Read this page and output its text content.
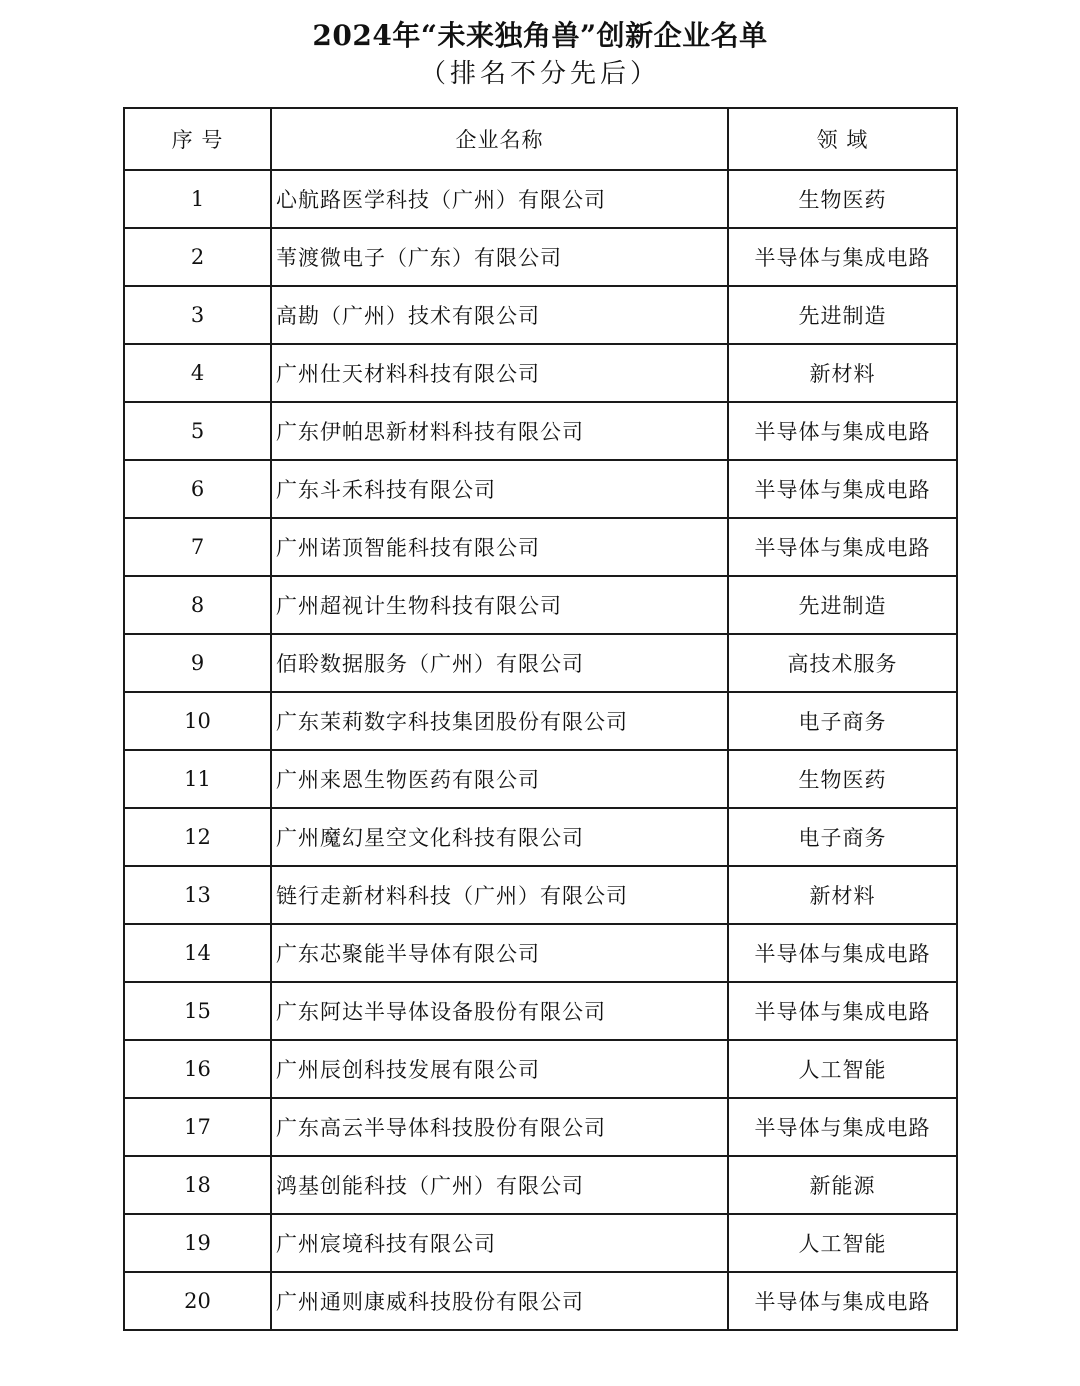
2024年“未来独角兽”创新企业名单
（排名不分先后）
序 号	企业名称	领 域
1	心航路医学科技（广州）有限公司	生物医药
2	苇渡微电子（广东）有限公司	半导体与集成电路
3	高勘（广州）技术有限公司	先进制造
4	广州仕天材料科技有限公司	新材料
5	广东伊帕思新材料科技有限公司	半导体与集成电路
6	广东斗禾科技有限公司	半导体与集成电路
7	广州诺顶智能科技有限公司	半导体与集成电路
8	广州超视计生物科技有限公司	先进制造
9	佰聆数据服务（广州）有限公司	高技术服务
10	广东茉莉数字科技集团股份有限公司	电子商务
11	广州来恩生物医药有限公司	生物医药
12	广州魔幻星空文化科技有限公司	电子商务
13	链行走新材料科技（广州）有限公司	新材料
14	广东芯聚能半导体有限公司	半导体与集成电路
15	广东阿达半导体设备股份有限公司	半导体与集成电路
16	广州辰创科技发展有限公司	人工智能
17	广东高云半导体科技股份有限公司	半导体与集成电路
18	鸿基创能科技（广州）有限公司	新能源
19	广州宸境科技有限公司	人工智能
20	广州通则康威科技股份有限公司	半导体与集成电路
